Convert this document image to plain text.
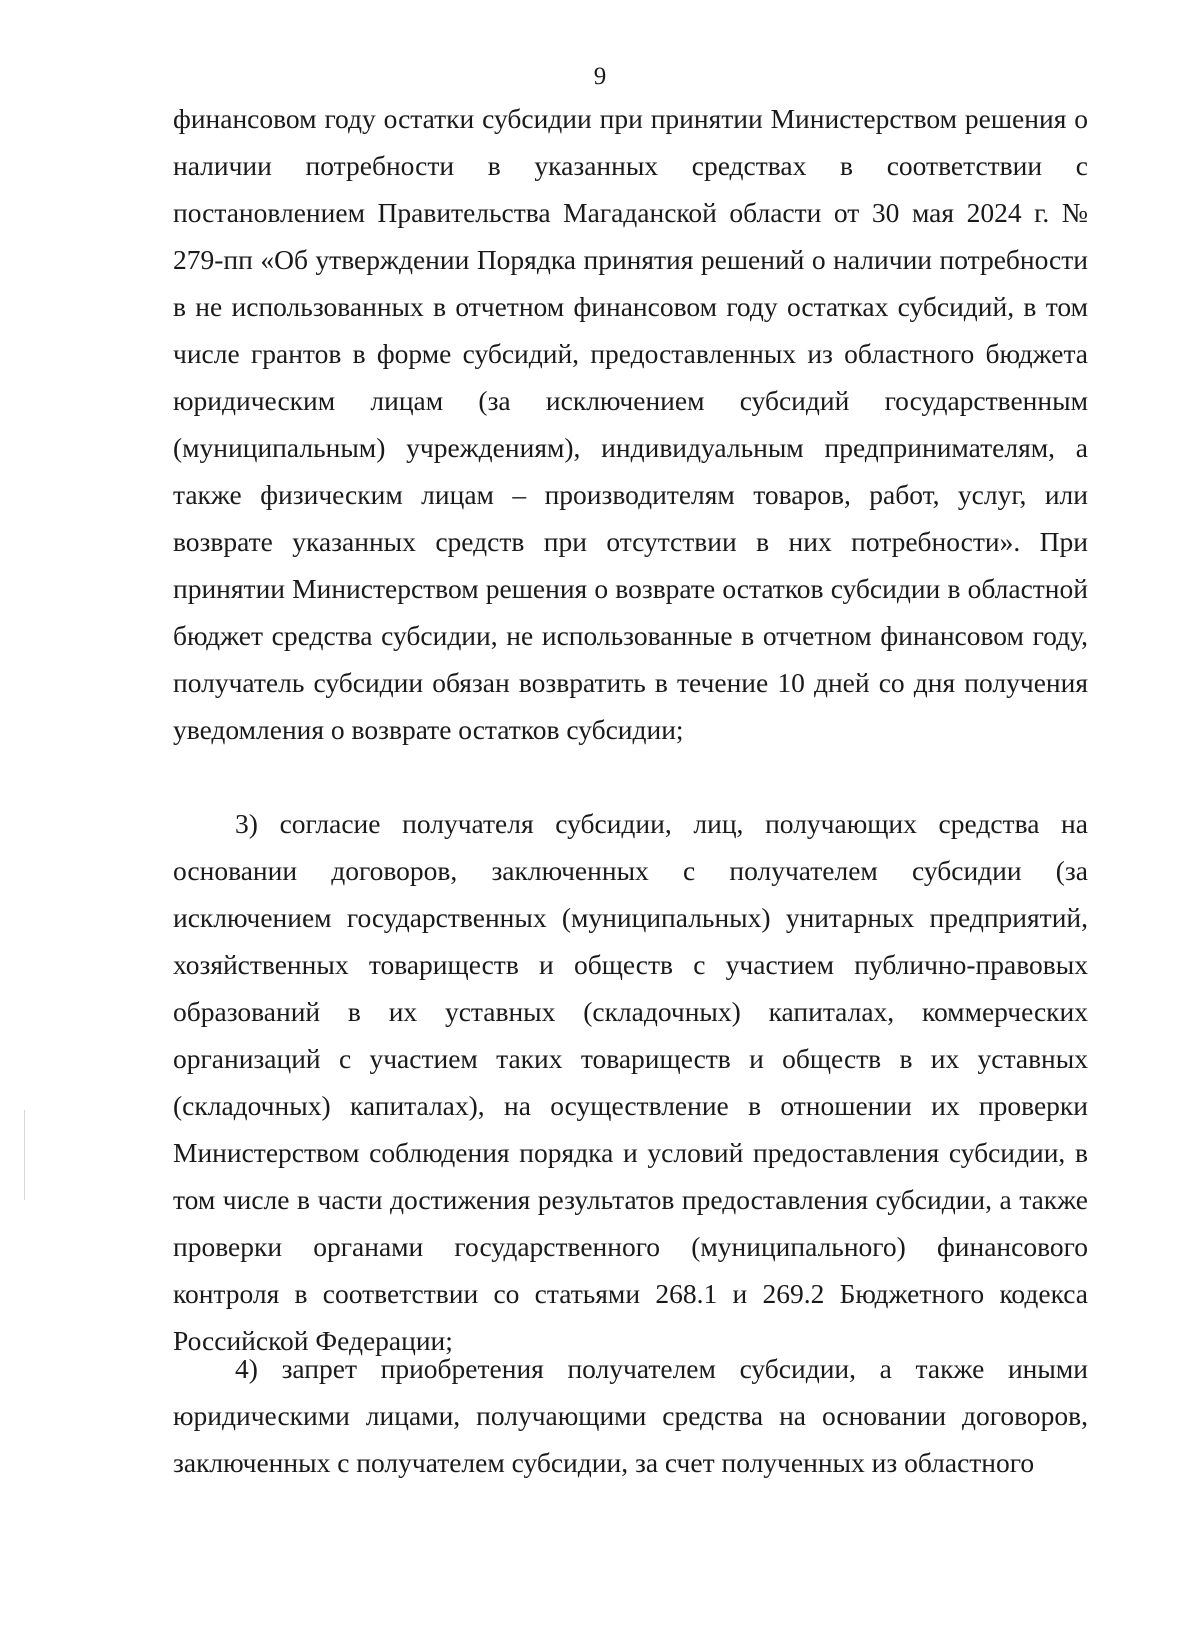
9

финансовом году остатки субсидии при принятии Министерством решения о наличии потребности в указанных средствах в соответствии с постановлением Правительства Магаданской области от 30 мая 2024 г. № 279-пп «Об утверждении Порядка принятия решений о наличии потребности в не использованных в отчетном финансовом году остатках субсидий, в том числе грантов в форме субсидий, предоставленных из областного бюджета юридическим лицам (за исключением субсидий государственным (муниципальным) учреждениям), индивидуальным предпринимателям, а также физическим лицам – производителям товаров, работ, услуг, или возврате указанных средств при отсутствии в них потребности». При принятии Министерством решения о возврате остатков субсидии в областной бюджет средства субсидии, не использованные в отчетном финансовом году, получатель субсидии обязан возвратить в течение 10 дней со дня получения уведомления о возврате остатков субсидии;

3) согласие получателя субсидии, лиц, получающих средства на основании договоров, заключенных с получателем субсидии (за исключением государственных (муниципальных) унитарных предприятий, хозяйственных товариществ и обществ с участием публично-правовых образований в их уставных (складочных) капиталах, коммерческих организаций с участием таких товариществ и обществ в их уставных (складочных) капиталах), на осуществление в отношении их проверки Министерством соблюдения порядка и условий предоставления субсидии, в том числе в части достижения результатов предоставления субсидии, а также проверки органами государственного (муниципального) финансового контроля в соответствии со статьями 268.1 и 269.2 Бюджетного кодекса Российской Федерации;

4) запрет приобретения получателем субсидии, а также иными юридическими лицами, получающими средства на основании договоров, заключенных с получателем субсидии, за счет полученных из областного
